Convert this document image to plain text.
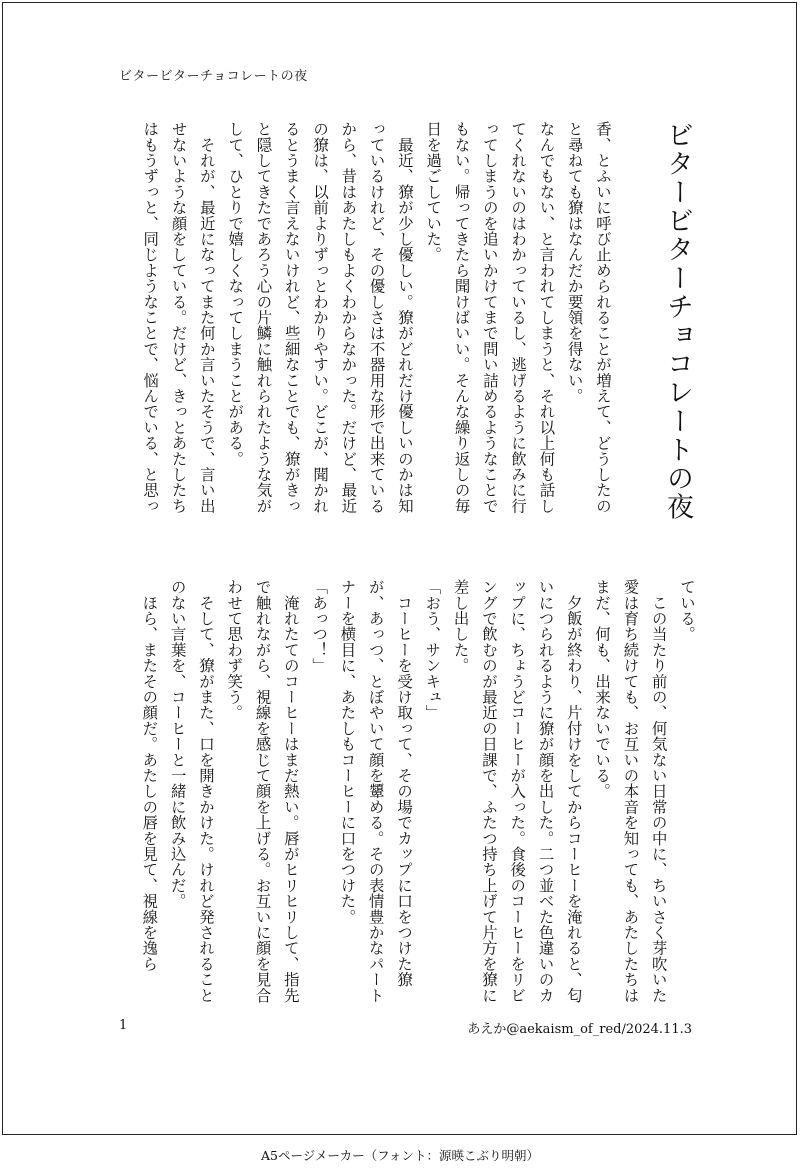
ビタービターチョコレートの夜
ビタービターチョコレートの夜

香、とふいに呼び止められることが増えて、どうしたのと尋ねても獠はなんだか要領を得ない。

なんでもない、と言われてしまうと、それ以上何も話してくれないのはわかっているし、逃げるように飲みに行ってしまうのを追いかけてまで問い詰めるようなことでもない。帰ってきたら聞けばいい。そんな繰り返しの毎日を過ごしていた。

　最近、獠が少し優しい。獠がどれだけ優しいのかは知っているけれど、その優しさは不器用な形で出来ているから、昔はあたしもよくわからなかった。だけど、最近の獠は、以前よりずっとわかりやすい。どこが、聞かれるとうまく言えないけれど、些細なことでも、獠がきっと隠してきたであろう心の片鱗に触れられたような気がして、ひとりで嬉しくなってしまうことがある。

　それが、最近になってまた何か言いたそうで、言い出せないような顔をしている。だけど、きっとあたしたちはもうずっと、同じようなことで、悩んでいる、と思っ

ている。

　この当たり前の、何気ない日常の中に、ちいさく芽吹いた愛は育ち続けても、お互いの本音を知っても、あたしたちはまだ、何も、出来ないでいる。

　夕飯が終わり、片付けをしてからコーヒーを淹れると、匂いにつられるように獠が顔を出した。二つ並べた色違いのカップに、ちょうどコーヒーが入った。食後のコーヒーをリビングで飲むのが最近の日課で、ふたつ持ち上げて片方を獠に差し出した。

「おう、サンキュ」

　コーヒーを受け取って、その場でカップに口をつけた獠が、あっつ、とぼやいて顔を顰める。その表情豊かなパートナーを横目に、あたしもコーヒーに口をつけた。

「あっつ！」

　淹れたてのコーヒーはまだ熱い。唇がヒリヒリして、指先で触れながら、視線を感じて顔を上げる。お互いに顔を見合わせて思わず笑う。

　そして、獠がまた、口を開きかけた。けれど発されることのない言葉を、コーヒーと一緒に飲み込んだ。

　ほら、またその顔だ。あたしの唇を見て、視線を逸ら

1	あえか@aekaism_of_red/2024.11.3
A5ページメーカー（フォント：源暎こぶり明朝）
